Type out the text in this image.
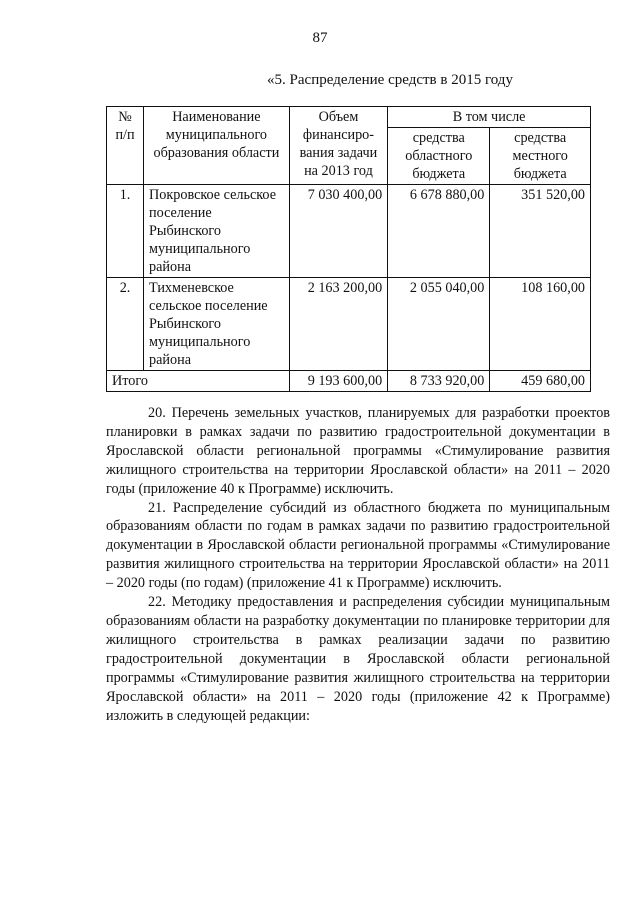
87
«5. Распределение средств в 2015 году
№ п/п	Наименование муниципального образования области	Объем финансиро-вания задачи на 2013 год	В том числе	
			средства областного бюджета	средства местного бюджета
1.	Покровское сельское поселение Рыбинского муниципального района	7 030 400,00	6 678 880,00	351 520,00
2.	Тихменевское сельское поселение Рыбинского муниципального района	2 163 200,00	2 055 040,00	108 160,00
Итого		9 193 600,00	8 733 920,00	459 680,00

20. Перечень земельных участков, планируемых для разработки проектов планировки в рамках задачи по развитию градостроительной документации в Ярославской области региональной программы «Стимулирование развития жилищного строительства на территории Ярославской области» на 2011 – 2020 годы (приложение 40 к Программе) исключить.

21. Распределение субсидий из областного бюджета по муниципальным образованиям области по годам в рамках задачи по развитию градостроительной документации в Ярославской области региональной программы «Стимулирование развития жилищного строительства на территории Ярославской области» на 2011 – 2020 годы (по годам) (приложение 41 к Программе) исключить.

22. Методику предоставления и распределения субсидии муниципальным образованиям области на разработку документации по планировке территории для жилищного строительства в рамках реализации задачи по развитию градостроительной документации в Ярославской области региональной программы «Стимулирование развития жилищного строительства на территории Ярославской области» на 2011 – 2020 годы (приложение 42 к Программе) изложить в следующей редакции:
